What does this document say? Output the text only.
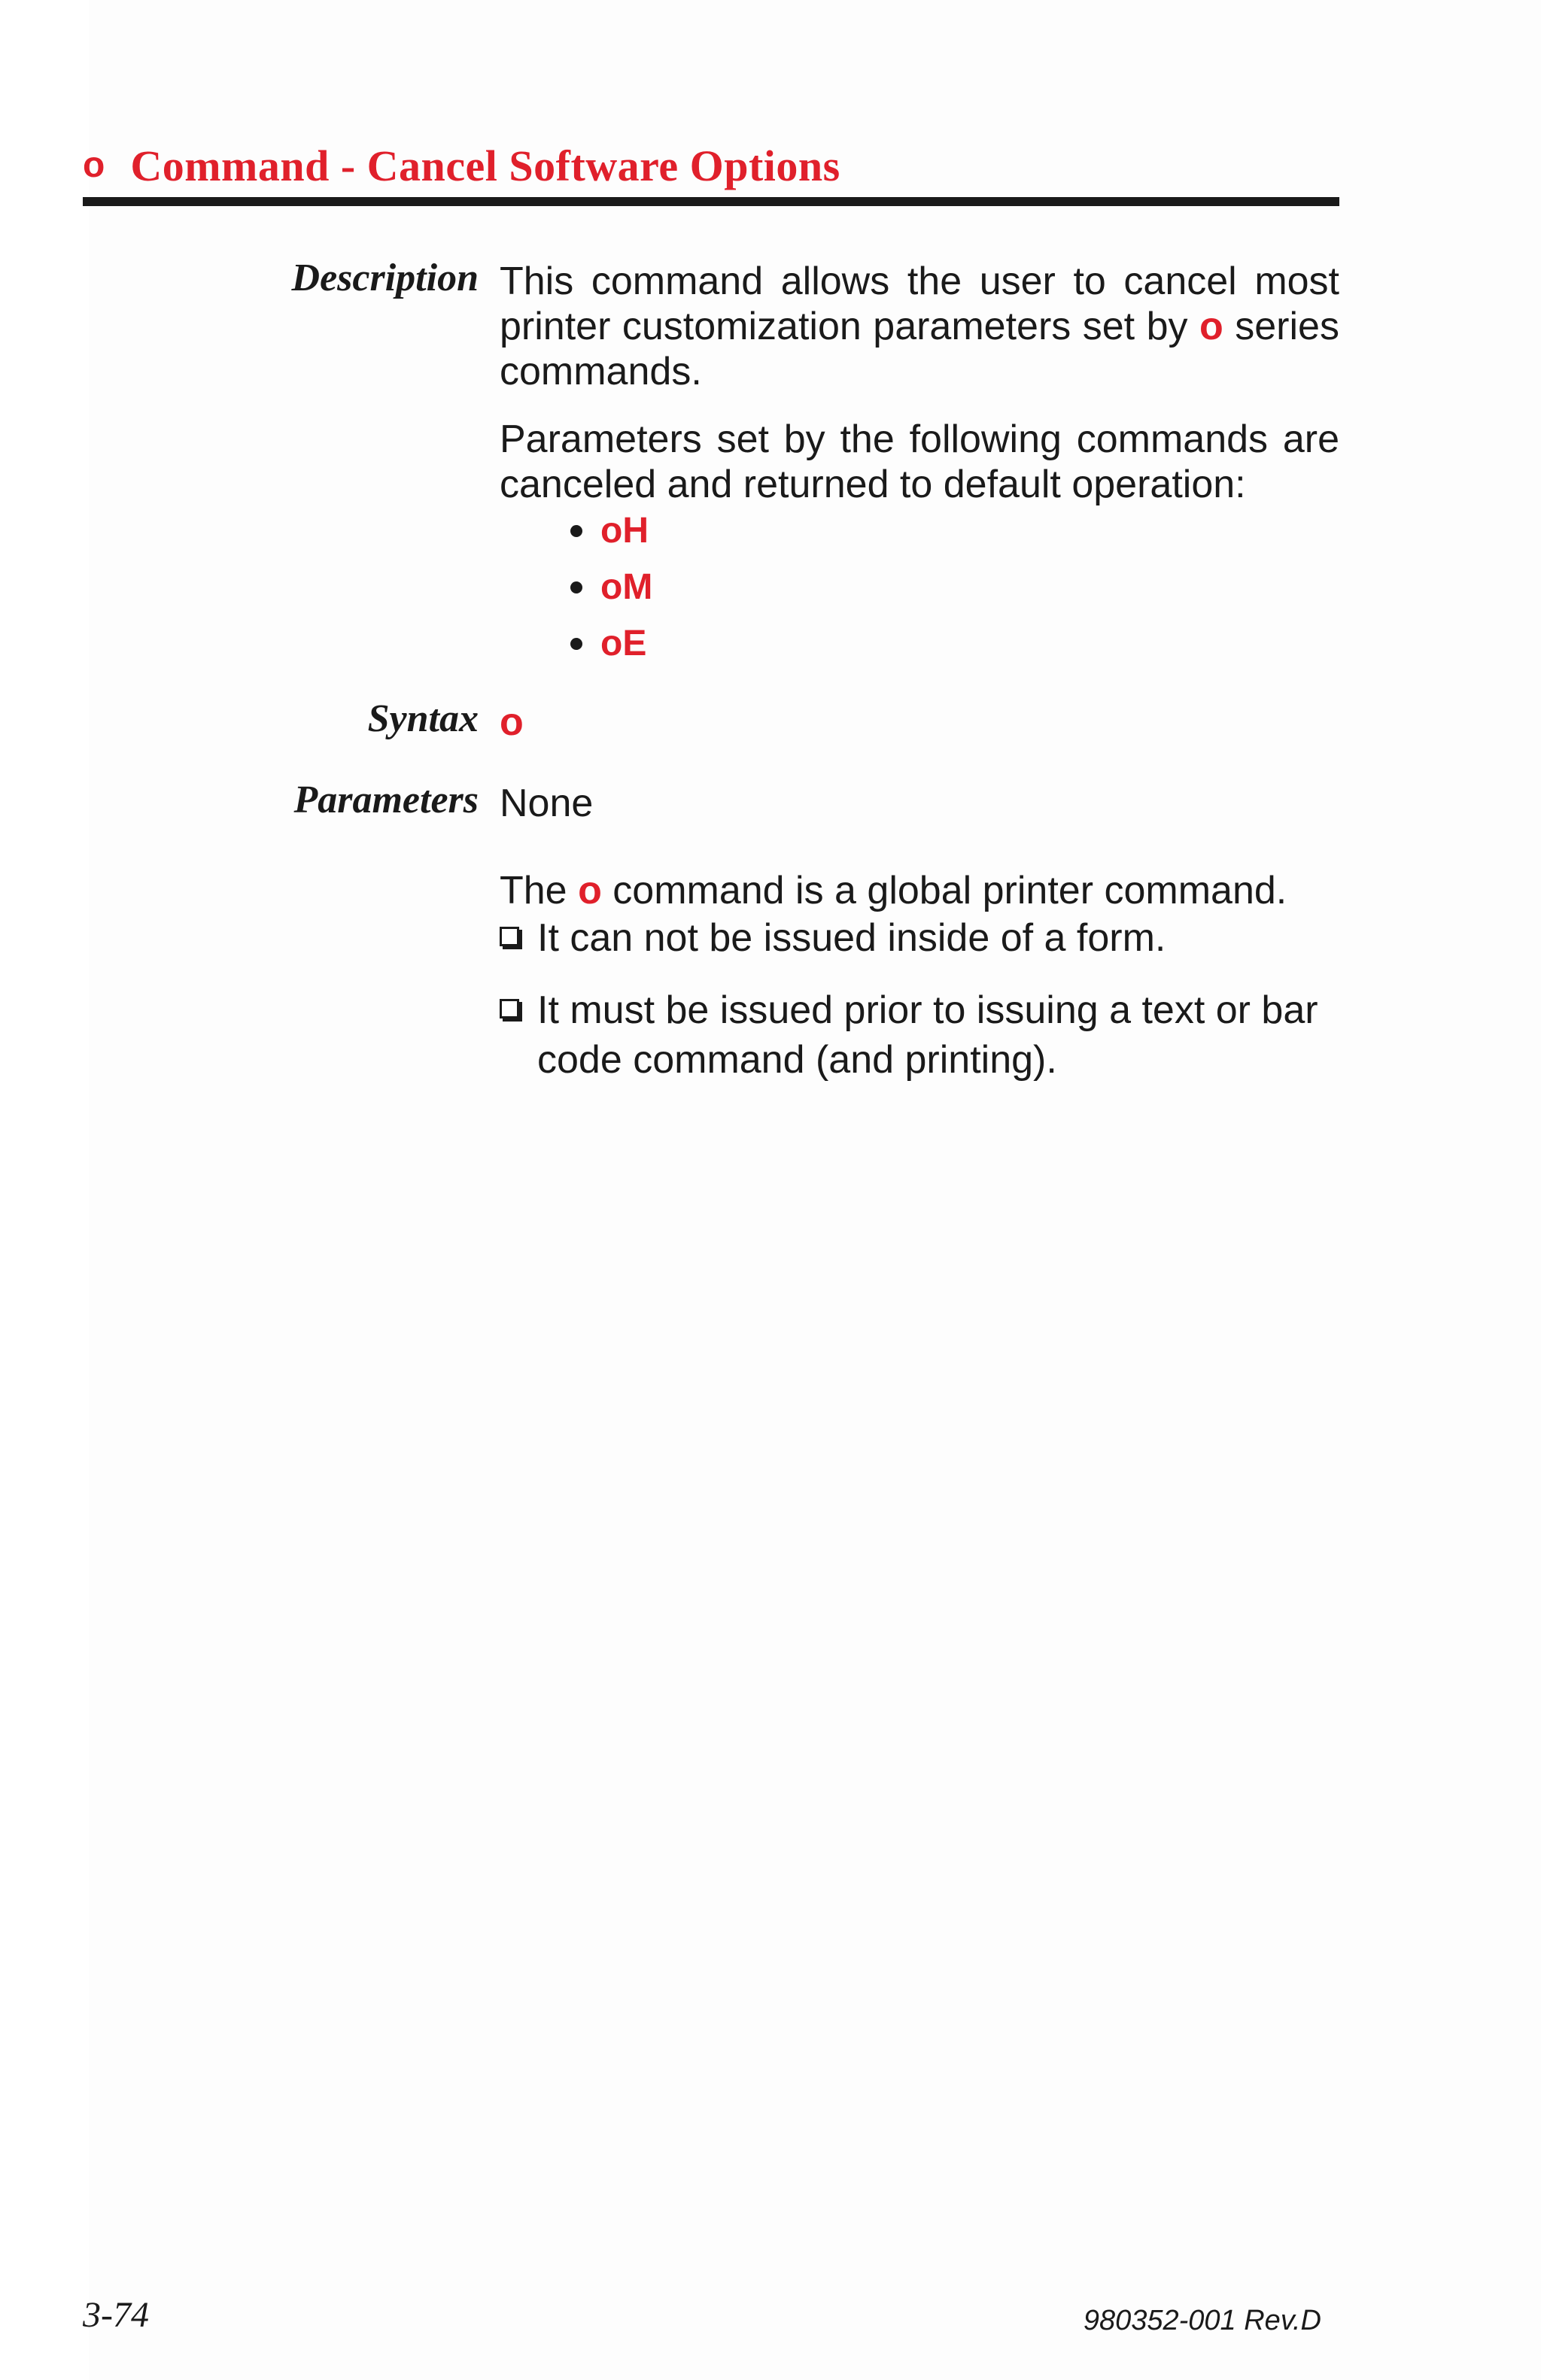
o Command - Cancel Software Options
Description This command allows the user to cancel most printer customization parameters set by o series commands.
Parameters set by the following commands are canceled and returned to default operation:
oH
oM
oE
Syntax o
Parameters None
The o command is a global printer command.
It can not be issued inside of a form.
It must be issued prior to issuing a text or bar code command (and printing).
3-74	980352-001 Rev.D
